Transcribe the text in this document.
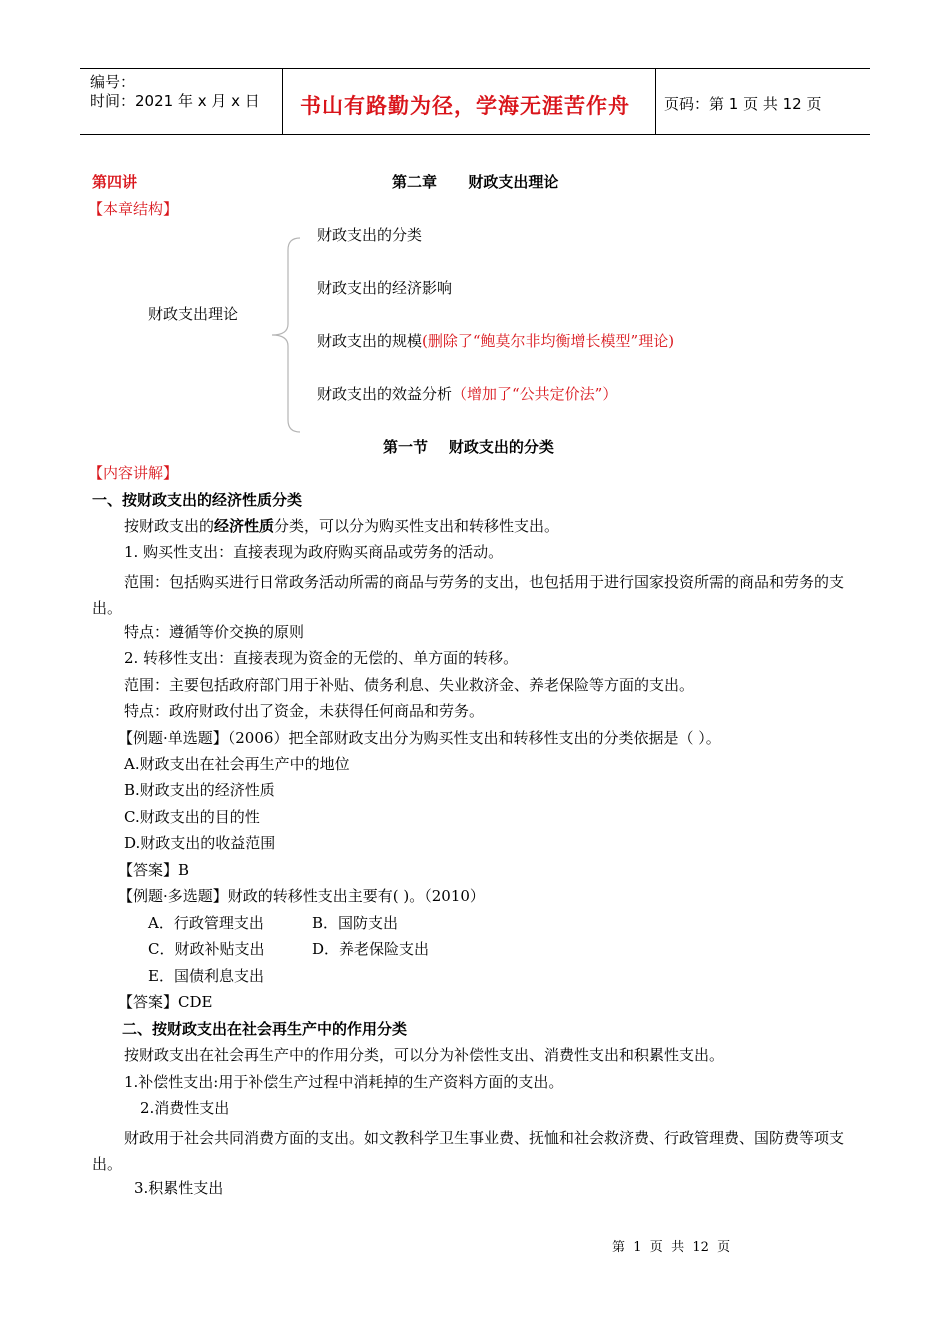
编号：
时间：2021 年 x 月 x 日 书山有路勤为径，学海无涯苦作舟 页码：第 1 页 共 12 页
第四讲	第二章      财政支出理论
【本章结构】
财政支出理论
财政支出的分类
财政支出的经济影响
财政支出的规模(删除了“鲍莫尔非均衡增长模型”理论)
财政支出的效益分析（增加了“公共定价法”）
第一节    财政支出的分类
【内容讲解】
一、按财政支出的经济性质分类
按财政支出的经济性质分类，可以分为购买性支出和转移性支出。
1. 购买性支出：直接表现为政府购买商品或劳务的活动。
范围：包括购买进行日常政务活动所需的商品与劳务的支出，也包括用于进行国家投资所需的商品和劳务的支出。
特点：遵循等价交换的原则
2. 转移性支出：直接表现为资金的无偿的、单方面的转移。
范围：主要包括政府部门用于补贴、债务利息、失业救济金、养老保险等方面的支出。
特点：政府财政付出了资金，未获得任何商品和劳务。
【例题·单选题】（2006）把全部财政支出分为购买性支出和转移性支出的分类依据是（ ）。
A.财政支出在社会再生产中的地位
B.财政支出的经济性质
C.财政支出的目的性
D.财政支出的收益范围
【答案】B
【例题·多选题】财政的转移性支出主要有( )。（2010）
A．行政管理支出	B．国防支出
C．财政补贴支出	D．养老保险支出
E．国债利息支出
【答案】CDE
二、按财政支出在社会再生产中的作用分类
按财政支出在社会再生产中的作用分类，可以分为补偿性支出、消费性支出和积累性支出。
1.补偿性支出:用于补偿生产过程中消耗掉的生产资料方面的支出。
2.消费性支出
财政用于社会共同消费方面的支出。如文教科学卫生事业费、抚恤和社会救济费、行政管理费、国防费等项支出。
3.积累性支出
第  1  页  共  12  页
